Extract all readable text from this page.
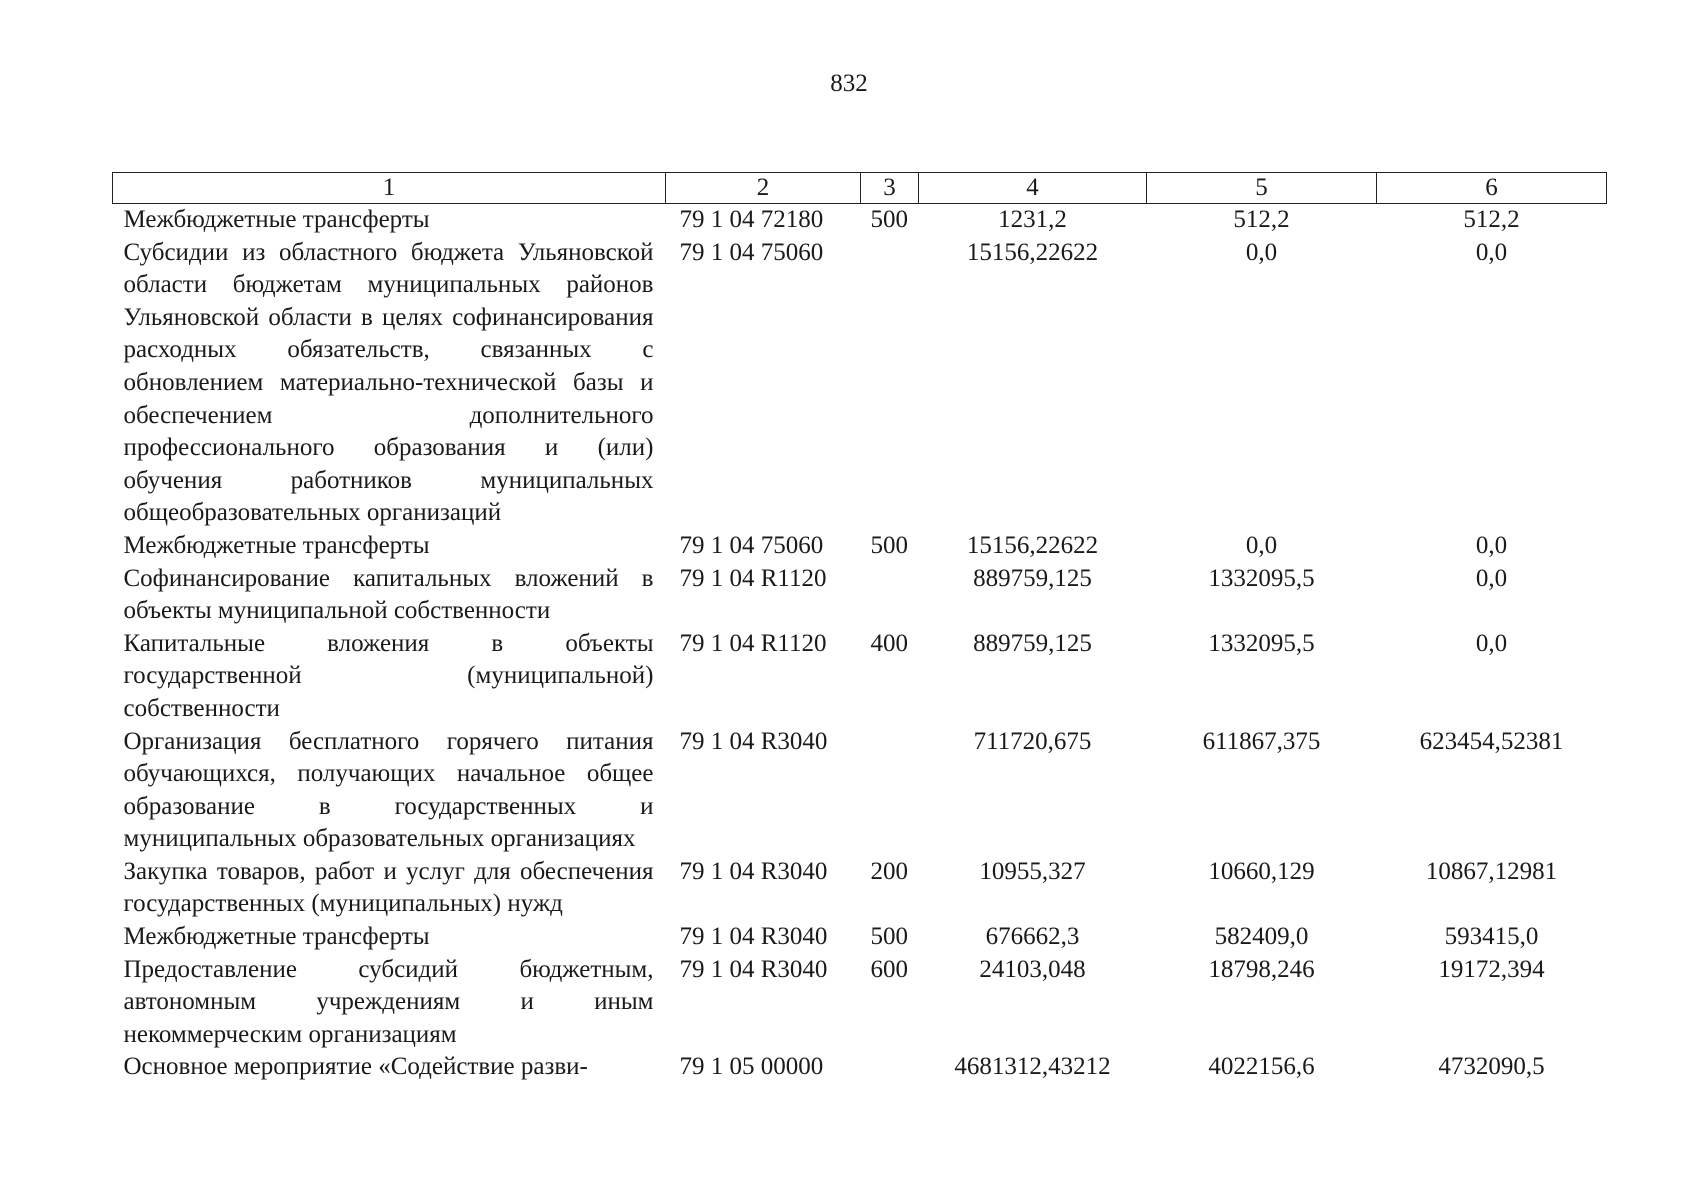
832
1	2	3	4	5	6
Межбюджетные трансферты	79 1 04 72180	500	1231,2	512,2	512,2
Субсидии из областного бюджета Ульяновской области бюджетам муниципальных районов Ульяновской области в целях софинансирования расходных обязательств, связанных с обновлением материально-технической базы и обеспечением дополнительного профессионального образования и (или) обучения работников муниципальных общеобразовательных организаций	79 1 04 75060		15156,22622	0,0	0,0
Межбюджетные трансферты	79 1 04 75060	500	15156,22622	0,0	0,0
Софинансирование капитальных вложений в объекты муниципальной собственности	79 1 04 R1120		889759,125	1332095,5	0,0
Капитальные вложения в объекты государственной (муниципальной) собственности	79 1 04 R1120	400	889759,125	1332095,5	0,0
Организация бесплатного горячего питания обучающихся, получающих начальное общее образование в государственных и муниципальных образовательных организациях	79 1 04 R3040		711720,675	611867,375	623454,52381
Закупка товаров, работ и услуг для обеспечения государственных (муниципальных) нужд	79 1 04 R3040	200	10955,327	10660,129	10867,12981
Межбюджетные трансферты	79 1 04 R3040	500	676662,3	582409,0	593415,0
Предоставление субсидий бюджетным, автономным учреждениям и иным некоммерческим организациям	79 1 04 R3040	600	24103,048	18798,246	19172,394
Основное мероприятие «Содействие разви-	79 1 05 00000		4681312,43212	4022156,6	4732090,5
